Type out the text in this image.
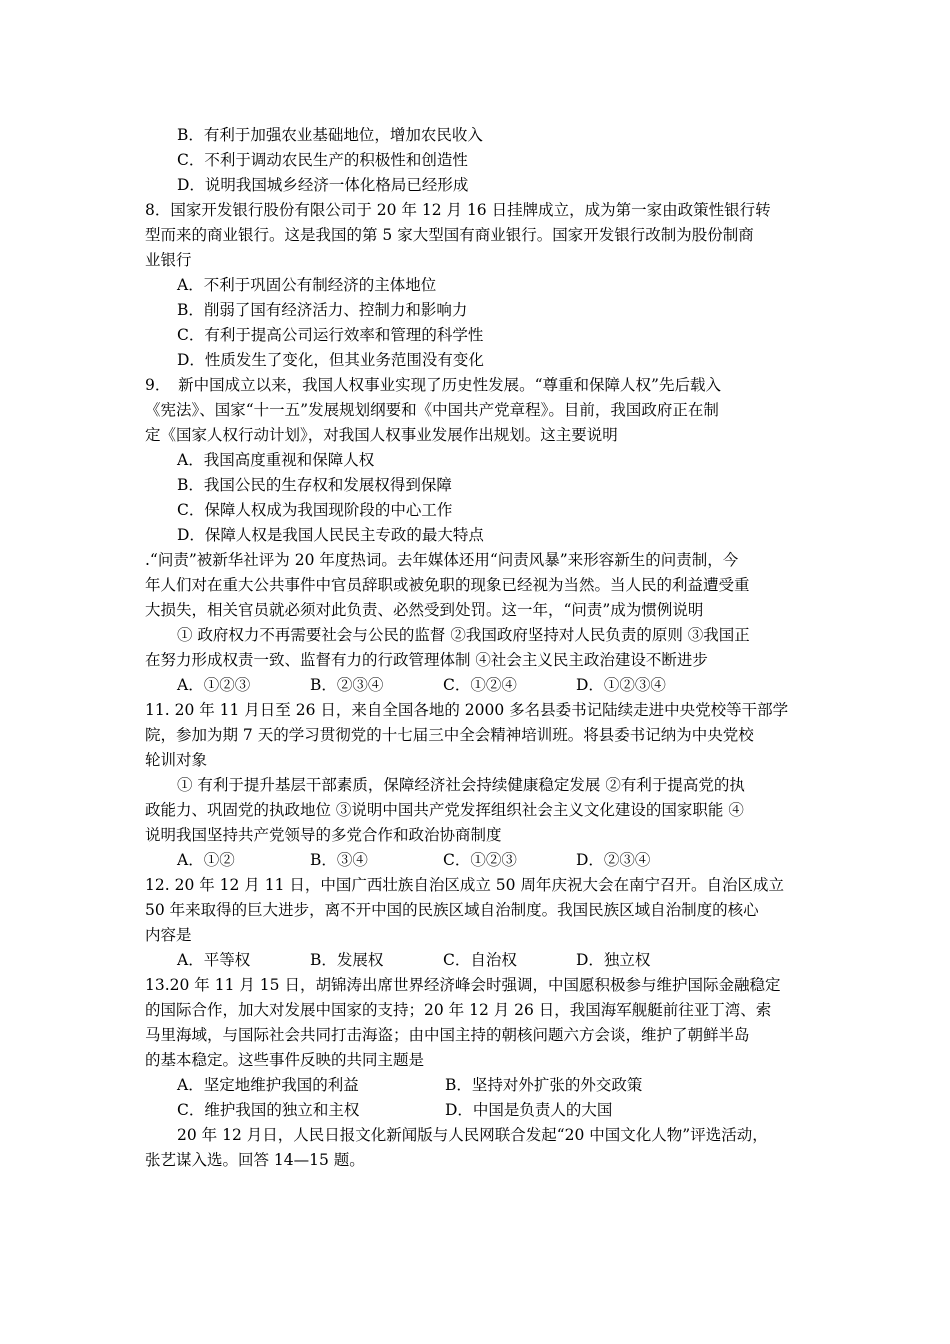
B．有利于加强农业基础地位，增加农民收入
C．不利于调动农民生产的积极性和创造性
D．说明我国城乡经济一体化格局已经形成
8．国家开发银行股份有限公司于 20 年 12 月 16 日挂牌成立，成为第一家由政策性银行转
型而来的商业银行。这是我国的第 5 家大型国有商业银行。国家开发银行改制为股份制商
业银行
A．不利于巩固公有制经济的主体地位
B．削弱了国有经济活力、控制力和影响力
C．有利于提高公司运行效率和管理的科学性
D．性质发生了变化，但其业务范围没有变化
9．　新中国成立以来，我国人权事业实现了历史性发展。“尊重和保障人权”先后载入
《宪法》、国家“十一五”发展规划纲要和《中国共产党章程》。目前，我国政府正在制
定《国家人权行动计划》，对我国人权事业发展作出规划。这主要说明
A．我国高度重视和保障人权
B．我国公民的生存权和发展权得到保障
C．保障人权成为我国现阶段的中心工作
D．保障人权是我国人民民主专政的最大特点
.“问责”被新华社评为 20 年度热词。去年媒体还用“问责风暴”来形容新生的问责制，今
年人们对在重大公共事件中官员辞职或被免职的现象已经视为当然。当人民的利益遭受重
大损失，相关官员就必须对此负责、必然受到处罚。这一年，“问责”成为惯例说明
① 政府权力不再需要社会与公民的监督 ②我国政府坚持对人民负责的原则 ③我国正
在努力形成权责一致、监督有力的行政管理体制 ④社会主义民主政治建设不断进步
A．①②③	B．②③④	C．①②④	D．①②③④
11. 20 年 11 月日至 26 日，来自全国各地的 2000 多名县委书记陆续走进中央党校等干部学
院，参加为期 7 天的学习贯彻党的十七届三中全会精神培训班。将县委书记纳为中央党校
轮训对象
① 有利于提升基层干部素质，保障经济社会持续健康稳定发展 ②有利于提高党的执
政能力、巩固党的执政地位 ③说明中国共产党发挥组织社会主义文化建设的国家职能 ④
说明我国坚持共产党领导的多党合作和政治协商制度
A．①②	B．③④	C．①②③	D．②③④
12. 20 年 12 月 11 日，中国广西壮族自治区成立 50 周年庆祝大会在南宁召开。自治区成立
50 年来取得的巨大进步，离不开中国的民族区域自治制度。我国民族区域自治制度的核心
内容是
A．平等权	B．发展权	C．自治权	D．独立权
13.20 年 11 月 15 日，胡锦涛出席世界经济峰会时强调，中国愿积极参与维护国际金融稳定
的国际合作，加大对发展中国家的支持；20 年 12 月 26 日，我国海军舰艇前往亚丁湾、索
马里海域，与国际社会共同打击海盗；由中国主持的朝核问题六方会谈，维护了朝鲜半岛
的基本稳定。这些事件反映的共同主题是
A．坚定地维护我国的利益	B．坚持对外扩张的外交政策
C．维护我国的独立和主权	D．中国是负责人的大国
20 年 12 月日，人民日报文化新闻版与人民网联合发起“20 中国文化人物”评选活动，
张艺谋入选。回答 14—15 题。
